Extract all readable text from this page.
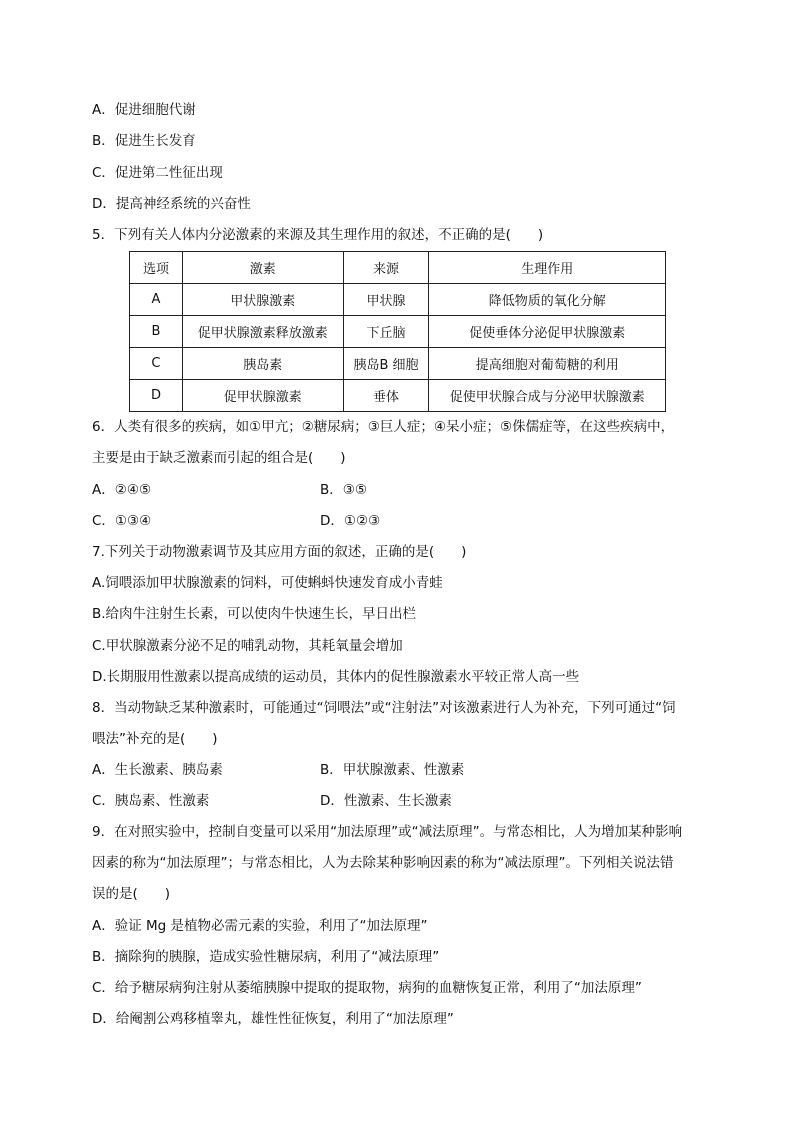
A．促进细胞代谢
B．促进生长发育
C．促进第二性征出现
D．提高神经系统的兴奋性
5．下列有关人体内分泌激素的来源及其生理作用的叙述，不正确的是(　　)
选项	激素	来源	生理作用
A	甲状腺激素	甲状腺	降低物质的氧化分解
B	促甲状腺激素释放激素	下丘脑	促使垂体分泌促甲状腺激素
C	胰岛素	胰岛B 细胞	提高细胞对葡萄糖的利用
D	促甲状腺激素	垂体	促使甲状腺合成与分泌甲状腺激素
6．人类有很多的疾病，如①甲亢；②糖尿病；③巨人症；④呆小症；⑤侏儒症等，在这些疾病中，
主要是由于缺乏激素而引起的组合是(　　)
A．②④⑤	B．③⑤
C．①③④	D．①②③
7.下列关于动物激素调节及其应用方面的叙述，正确的是(　　)
A.饲喂添加甲状腺激素的饲料，可使蝌蚪快速发育成小青蛙
B.给肉牛注射生长素，可以使肉牛快速生长，早日出栏
C.甲状腺激素分泌不足的哺乳动物，其耗氧量会增加
D.长期服用性激素以提高成绩的运动员，其体内的促性腺激素水平较正常人高一些
8．当动物缺乏某种激素时，可能通过“饲喂法”或“注射法”对该激素进行人为补充，下列可通过“饲
喂法”补充的是(　　)
A．生长激素、胰岛素	B．甲状腺激素、性激素
C．胰岛素、性激素	D．性激素、生长激素
9．在对照实验中，控制自变量可以采用“加法原理”或“减法原理”。与常态相比，人为增加某种影响
因素的称为“加法原理”；与常态相比，人为去除某种影响因素的称为“减法原理”。下列相关说法错
误的是(　　)
A．验证 Mg 是植物必需元素的实验，利用了“加法原理”
B．摘除狗的胰腺，造成实验性糖尿病，利用了“减法原理”
C．给予糖尿病狗注射从萎缩胰腺中提取的提取物，病狗的血糖恢复正常，利用了“加法原理”
D．给阉割公鸡移植睾丸，雄性性征恢复，利用了“加法原理”
